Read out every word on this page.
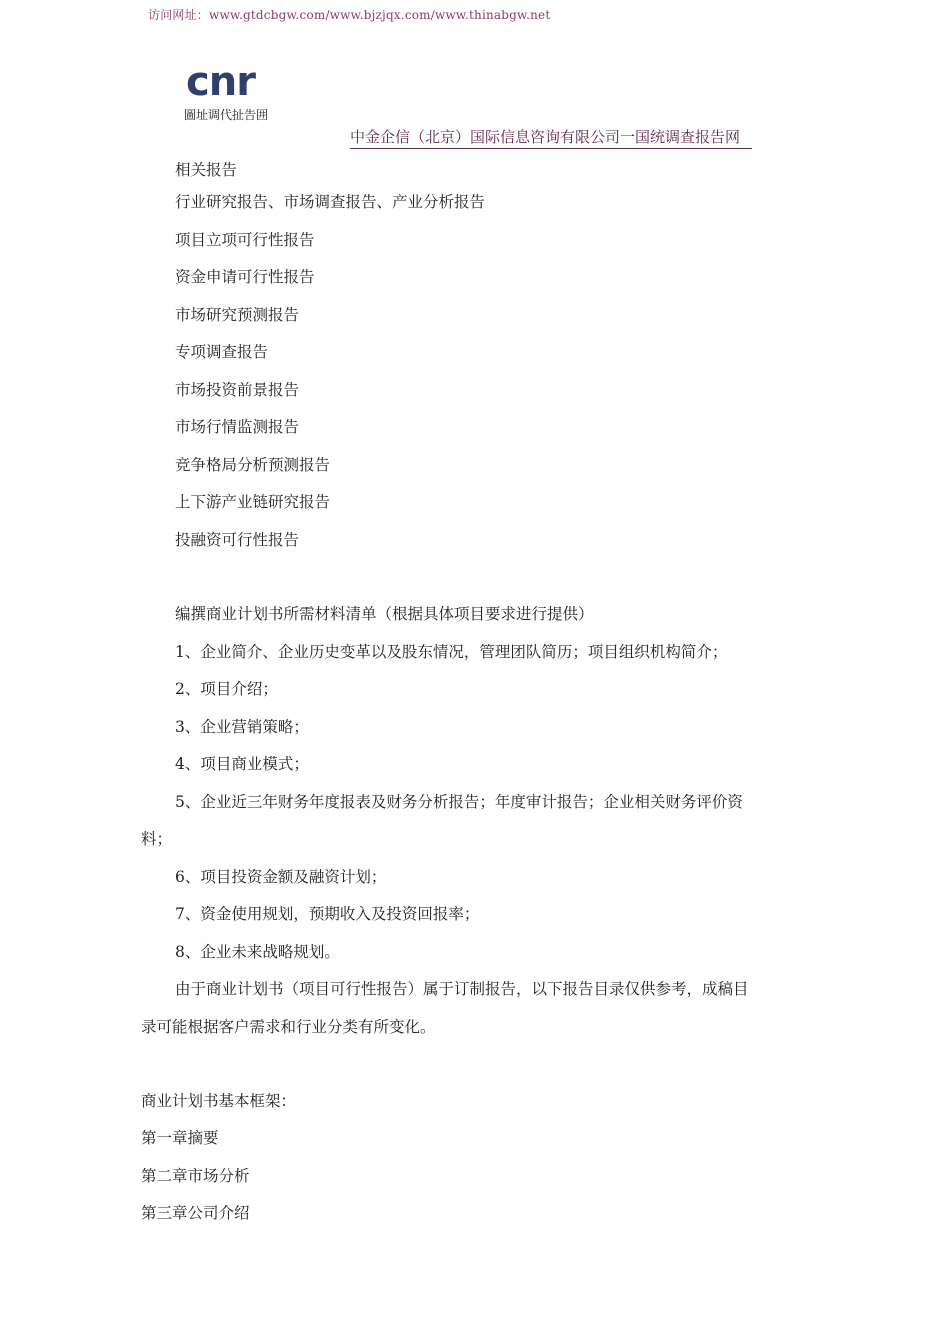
访问网址：www.gtdcbgw.com/www.bjzjqx.com/www.thinabgw.net
cnr
圖址调代扯告囲
中金企信（北京）国际信息咨询有限公司一国统调查报告网
相关报告
行业研究报告、市场调查报告、产业分析报告
项目立项可行性报告
资金申请可行性报告
市场研究预测报告
专项调查报告
市场投资前景报告
市场行情监测报告
竞争格局分析预测报告
上下游产业链研究报告
投融资可行性报告
编撰商业计划书所需材料清单（根据具体项目要求进行提供）
1、企业简介、企业历史变革以及股东情况，管理团队简历；项目组织机构简介；
2、项目介绍；
3、企业营销策略；
4、项目商业模式；
5、企业近三年财务年度报表及财务分析报告；年度审计报告；企业相关财务评价资
料；
6、项目投资金额及融资计划；
7、资金使用规划，预期收入及投资回报率；
8、企业未来战略规划。
由于商业计划书（项目可行性报告）属于订制报告，以下报告目录仅供参考，成稿目
录可能根据客户需求和行业分类有所变化。
商业计划书基本框架：
第一章摘要
第二章市场分析
第三章公司介绍
